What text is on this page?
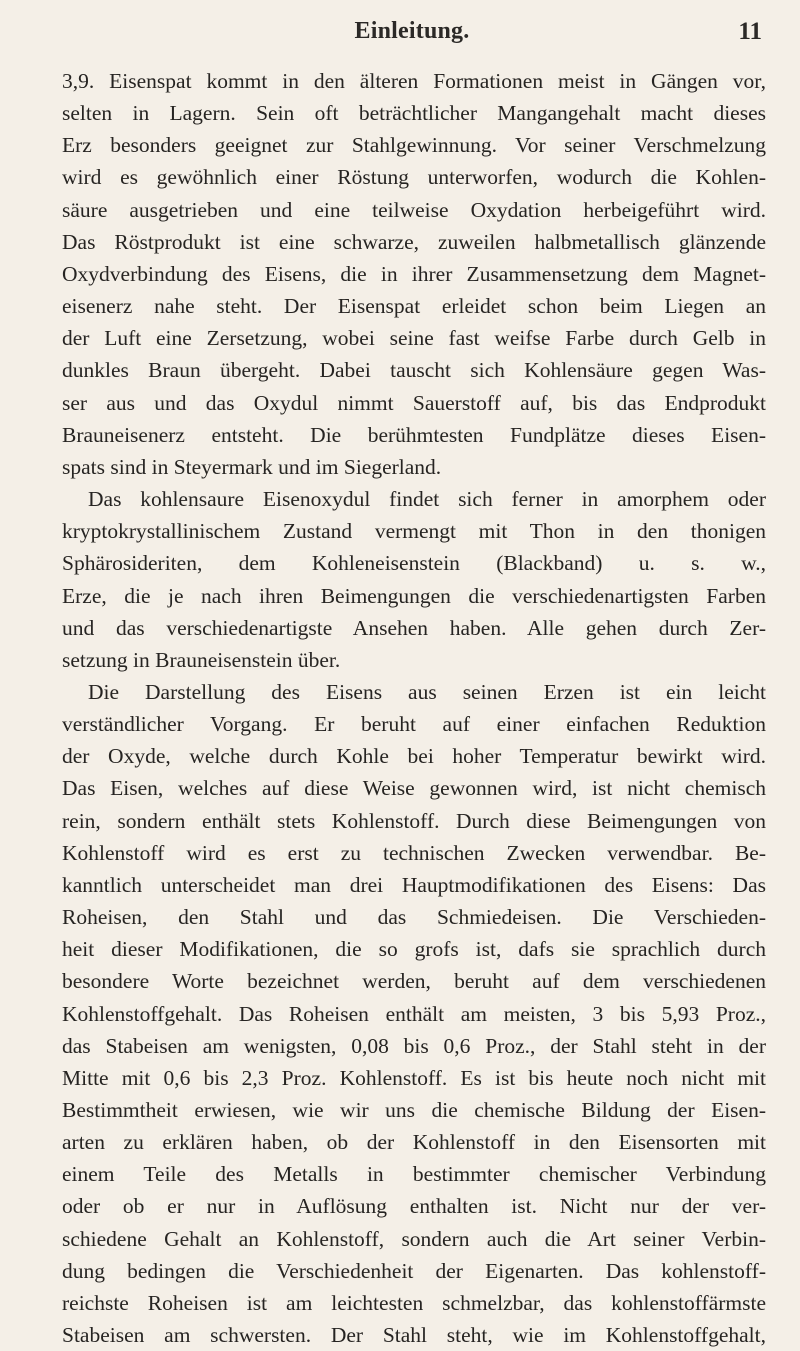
Einleitung.	11

3,9. Eisenspat kommt in den älteren Formationen meist in Gängen vor,
selten in Lagern. Sein oft beträchtlicher Mangangehalt macht dieses
Erz besonders geeignet zur Stahlgewinnung. Vor seiner Verschmelzung
wird es gewöhnlich einer Röstung unterworfen, wodurch die Kohlen-
säure ausgetrieben und eine teilweise Oxydation herbeigeführt wird.
Das Röstprodukt ist eine schwarze, zuweilen halbmetallisch glänzende
Oxydverbindung des Eisens, die in ihrer Zusammensetzung dem Magnet-
eisenerz nahe steht. Der Eisenspat erleidet schon beim Liegen an
der Luft eine Zersetzung, wobei seine fast weifse Farbe durch Gelb in
dunkles Braun übergeht. Dabei tauscht sich Kohlensäure gegen Was-
ser aus und das Oxydul nimmt Sauerstoff auf, bis das Endprodukt
Brauneisenerz entsteht. Die berühmtesten Fundplätze dieses Eisen-
spats sind in Steyermark und im Siegerland.

Das kohlensaure Eisenoxydul findet sich ferner in amorphem oder
kryptokrystallinischem Zustand vermengt mit Thon in den thonigen
Sphärosideriten, dem Kohleneisenstein (Blackband) u. s. w.,
Erze, die je nach ihren Beimengungen die verschiedenartigsten Farben
und das verschiedenartigste Ansehen haben. Alle gehen durch Zer-
setzung in Brauneisenstein über.

Die Darstellung des Eisens aus seinen Erzen ist ein leicht
verständlicher Vorgang. Er beruht auf einer einfachen Reduktion
der Oxyde, welche durch Kohle bei hoher Temperatur bewirkt wird.
Das Eisen, welches auf diese Weise gewonnen wird, ist nicht chemisch
rein, sondern enthält stets Kohlenstoff. Durch diese Beimengungen von
Kohlenstoff wird es erst zu technischen Zwecken verwendbar. Be-
kanntlich unterscheidet man drei Hauptmodifikationen des Eisens: Das
Roheisen, den Stahl und das Schmiedeisen. Die Verschieden-
heit dieser Modifikationen, die so grofs ist, dafs sie sprachlich durch
besondere Worte bezeichnet werden, beruht auf dem verschiedenen
Kohlenstoffgehalt. Das Roheisen enthält am meisten, 3 bis 5,93 Proz.,
das Stabeisen am wenigsten, 0,08 bis 0,6 Proz., der Stahl steht in der
Mitte mit 0,6 bis 2,3 Proz. Kohlenstoff. Es ist bis heute noch nicht mit
Bestimmtheit erwiesen, wie wir uns die chemische Bildung der Eisen-
arten zu erklären haben, ob der Kohlenstoff in den Eisensorten mit
einem Teile des Metalls in bestimmter chemischer Verbindung
oder ob er nur in Auflösung enthalten ist. Nicht nur der ver-
schiedene Gehalt an Kohlenstoff, sondern auch die Art seiner Verbin-
dung bedingen die Verschiedenheit der Eigenarten. Das kohlenstoff-
reichste Roheisen ist am leichtesten schmelzbar, das kohlenstoffärmste
Stabeisen am schwersten. Der Stahl steht, wie im Kohlenstoffgehalt,
